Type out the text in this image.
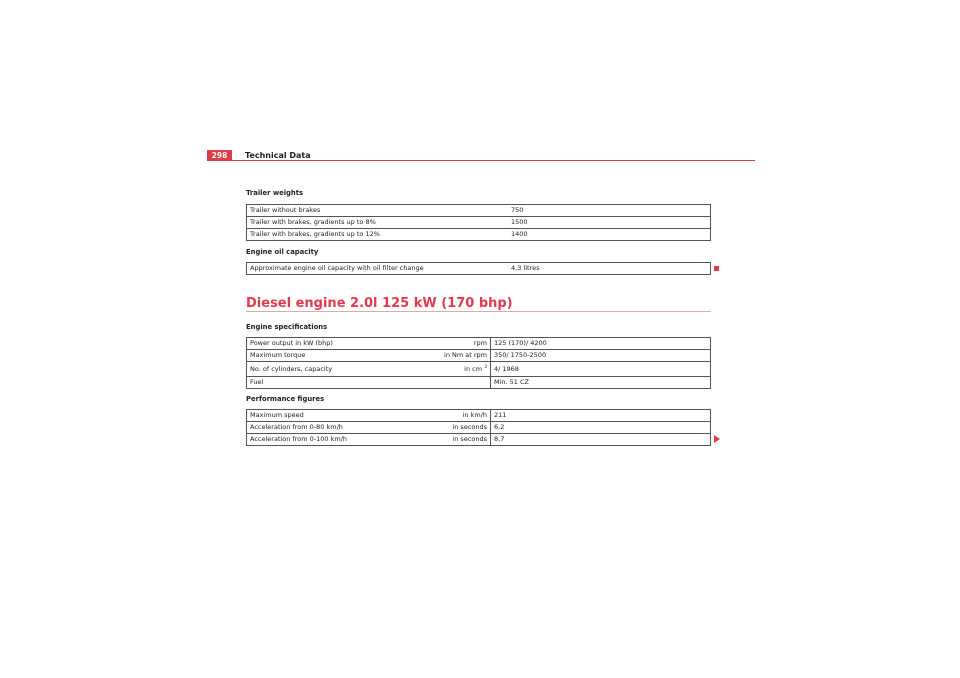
298	Technical Data
Trailer weights
Trailer without brakes	750
Trailer with brakes, gradients up to 8%	1500
Trailer with brakes, gradients up to 12%	1400
Engine oil capacity
Approximate engine oil capacity with oil filter change	4.3 litres
Diesel engine 2.0l 125 kW (170 bhp)
Engine specifications
Power output in kW (bhp)	rpm	125 (170)/ 4200
Maximum torque	in Nm at rpm	350/ 1750-2500
No. of cylinders, capacity	in cm $^3$	4/ 1968
Fuel		Min. 51 CZ
Performance figures
Maximum speed	in km/h	211
Acceleration from 0-80 km/h	in seconds	6,2
Acceleration from 0-100 km/h	in seconds	8,7
